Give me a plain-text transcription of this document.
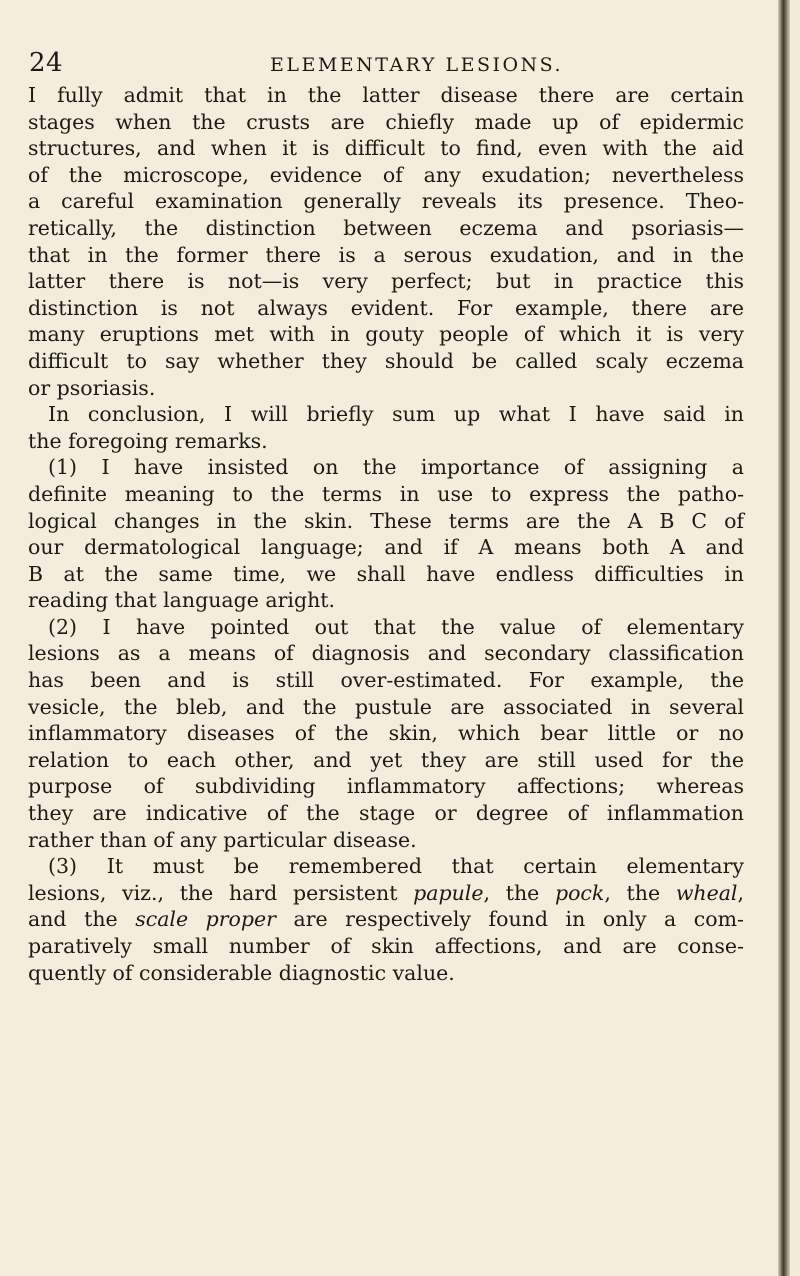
24	ELEMENTARY LESIONS.
I fully admit that in the latter disease there are certain
stages when the crusts are chiefly made up of epidermic
structures, and when it is difficult to find, even with the aid
of the microscope, evidence of any exudation; nevertheless
a careful examination generally reveals its presence. Theo-
retically, the distinction between eczema and psoriasis—
that in the former there is a serous exudation, and in the
latter there is not—is very perfect; but in practice this
distinction is not always evident. For example, there are
many eruptions met with in gouty people of which it is very
difficult to say whether they should be called scaly eczema
or psoriasis.
In conclusion, I will briefly sum up what I have said in
the foregoing remarks.
(1) I have insisted on the importance of assigning a
definite meaning to the terms in use to express the patho-
logical changes in the skin. These terms are the A B C of
our dermatological language; and if A means both A and
B at the same time, we shall have endless difficulties in
reading that language aright.
(2) I have pointed out that the value of elementary
lesions as a means of diagnosis and secondary classification
has been and is still over-estimated. For example, the
vesicle, the bleb, and the pustule are associated in several
inflammatory diseases of the skin, which bear little or no
relation to each other, and yet they are still used for the
purpose of subdividing inflammatory affections; whereas
they are indicative of the stage or degree of inflammation
rather than of any particular disease.
(3) It must be remembered that certain elementary
lesions, viz., the hard persistent papule, the pock, the wheal,
and the scale proper are respectively found in only a com-
paratively small number of skin affections, and are conse-
quently of considerable diagnostic value.
